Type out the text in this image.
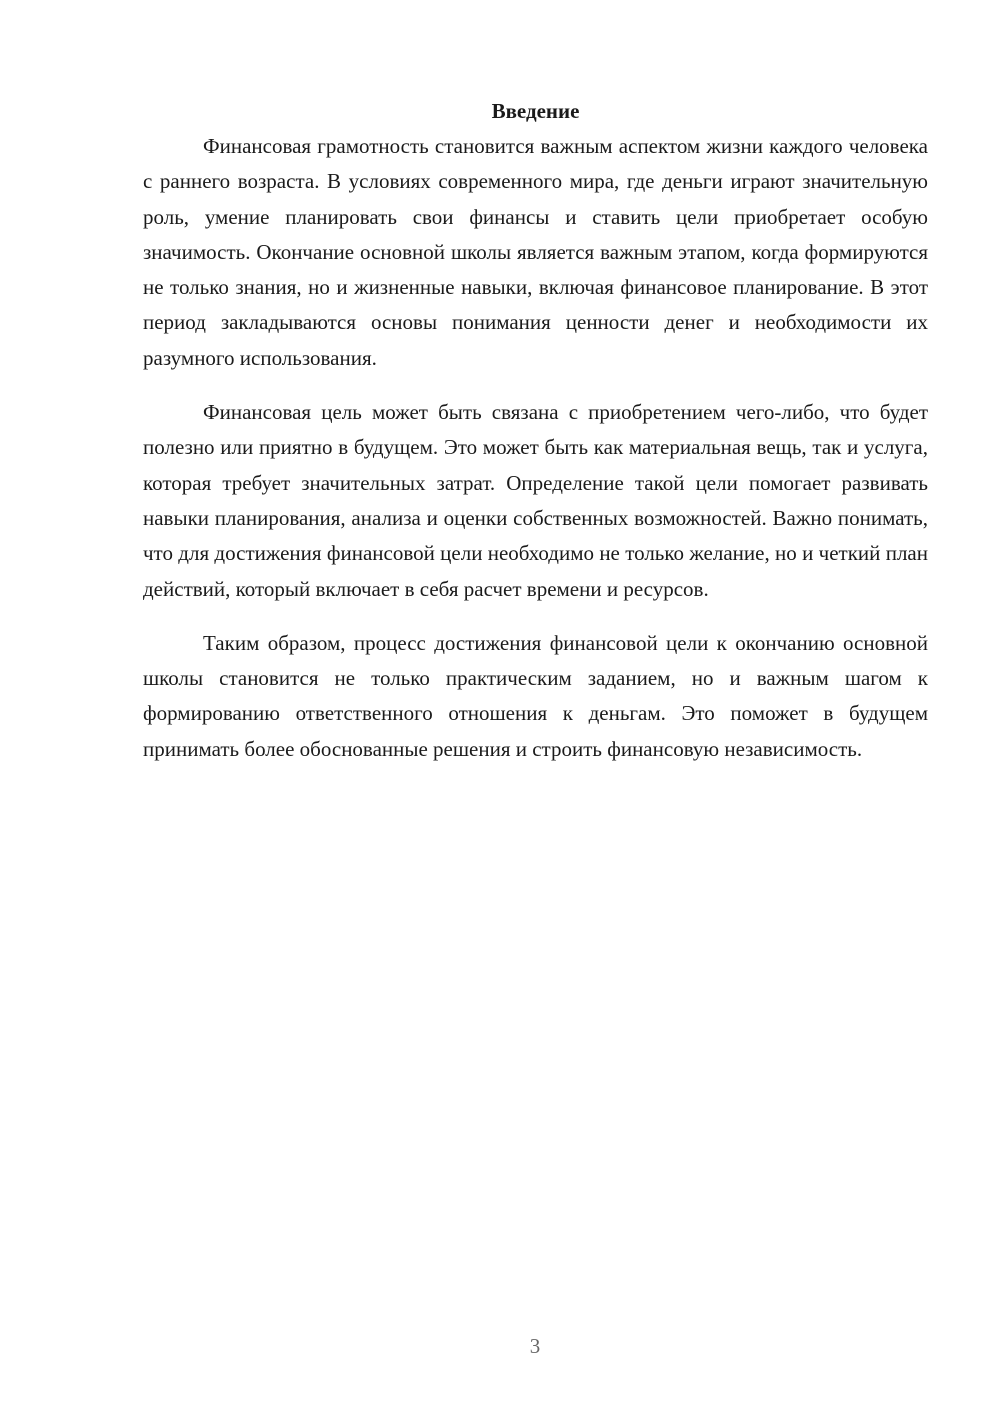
Введение

Финансовая грамотность становится важным аспектом жизни каждого человека с раннего возраста. В условиях современного мира, где деньги играют значительную роль, умение планировать свои финансы и ставить цели приобретает особую значимость. Окончание основной школы является важным этапом, когда формируются не только знания, но и жизненные навыки, включая финансовое планирование. В этот период закладываются основы понимания ценности денег и необходимости их разумного использования.

Финансовая цель может быть связана с приобретением чего-либо, что будет полезно или приятно в будущем. Это может быть как материальная вещь, так и услуга, которая требует значительных затрат. Определение такой цели помогает развивать навыки планирования, анализа и оценки собственных возможностей. Важно понимать, что для достижения финансовой цели необходимо не только желание, но и четкий план действий, который включает в себя расчет времени и ресурсов.

Таким образом, процесс достижения финансовой цели к окончанию основной школы становится не только практическим заданием, но и важным шагом к формированию ответственного отношения к деньгам. Это поможет в будущем принимать более обоснованные решения и строить финансовую независимость.

3
